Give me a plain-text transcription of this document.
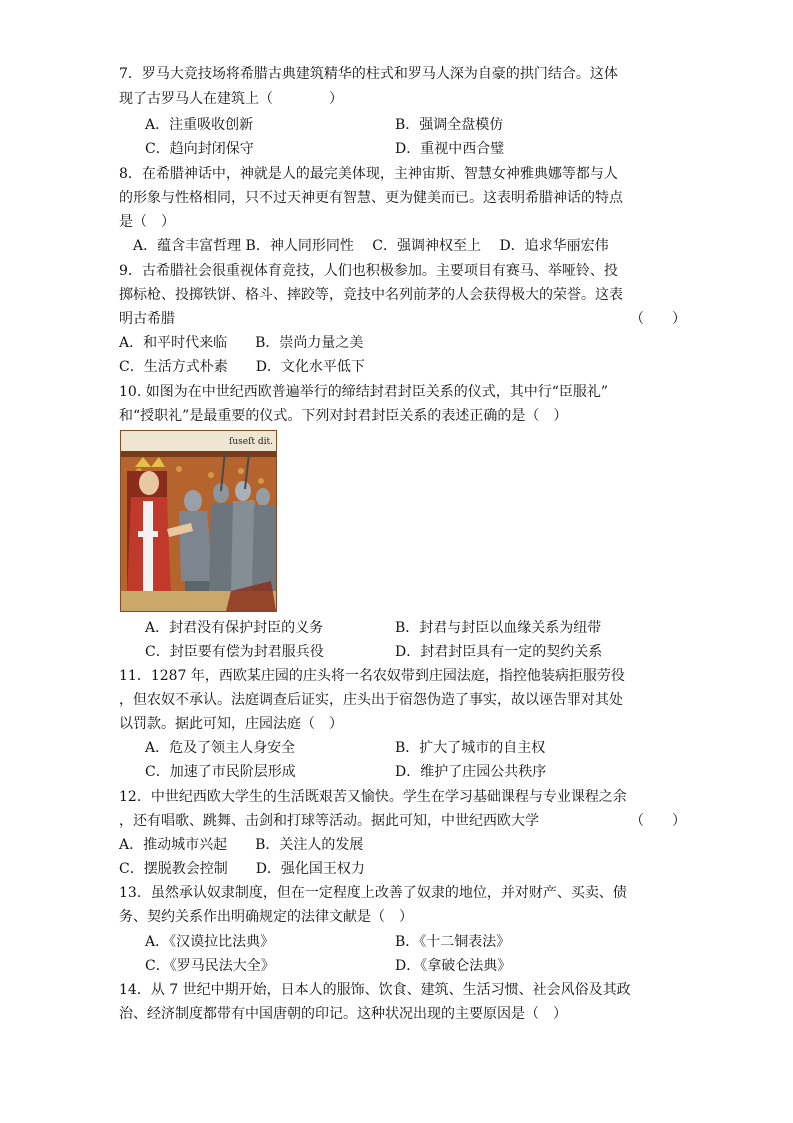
7．罗马大竞技场将希腊古典建筑精华的柱式和罗马人深为自豪的拱门结合。这体
现了古罗马人在建筑上（　　　　）
A．注重吸收创新	B．强调全盘模仿
C．趋向封闭保守	D．重视中西合璧
8．在希腊神话中，神就是人的最完美体现，主神宙斯、智慧女神雅典娜等都与人
的形象与性格相同，只不过天神更有智慧、更为健美而已。这表明希腊神话的特点
是（　）
A．蕴含丰富哲理 B．神人同形同性　 C．强调神权至上　 D．追求华丽宏伟
9．古希腊社会很重视体育竞技，人们也积极参加。主要项目有赛马、举哑铃、投
掷标枪、投掷铁饼、格斗、摔跤等，竞技中名列前茅的人会获得极大的荣誉。这表
明古希腊	（　　）
A．和平时代来临　　B．崇尚力量之美
C．生活方式朴素　　D．文化水平低下
10. 如图为在中世纪西欧普遍举行的缔结封君封臣关系的仪式，其中行“臣服礼”
和“授职礼”是最重要的仪式。下列对封君封臣关系的表述正确的是（　）
ſuseſt dit.
A．封君没有保护封臣的义务	B．封君与封臣以血缘关系为纽带
C．封臣要有偿为封君服兵役	D．封君封臣具有一定的契约关系
11．1287 年，西欧某庄园的庄头将一名农奴带到庄园法庭，指控他装病拒服劳役
，但农奴不承认。法庭调查后证实，庄头出于宿怨伪造了事实，故以诬告罪对其处
以罚款。据此可知，庄园法庭（　）
A．危及了领主人身安全	B．扩大了城市的自主权
C．加速了市民阶层形成	D．维护了庄园公共秩序
12．中世纪西欧大学生的生活既艰苦又愉快。学生在学习基础课程与专业课程之余
，还有唱歌、跳舞、击剑和打球等活动。据此可知，中世纪西欧大学	（　　）
A．推动城市兴起　　B．关注人的发展
C．摆脱教会控制　　D．强化国王权力
13．虽然承认奴隶制度，但在一定程度上改善了奴隶的地位，并对财产、买卖、债
务、契约关系作出明确规定的法律文献是（　）
A．《汉谟拉比法典》	B．《十二铜表法》
C．《罗马民法大全》	D．《拿破仑法典》
14．从 7 世纪中期开始，日本人的服饰、饮食、建筑、生活习惯、社会风俗及其政
治、经济制度都带有中国唐朝的印记。这种状况出现的主要原因是（　）
